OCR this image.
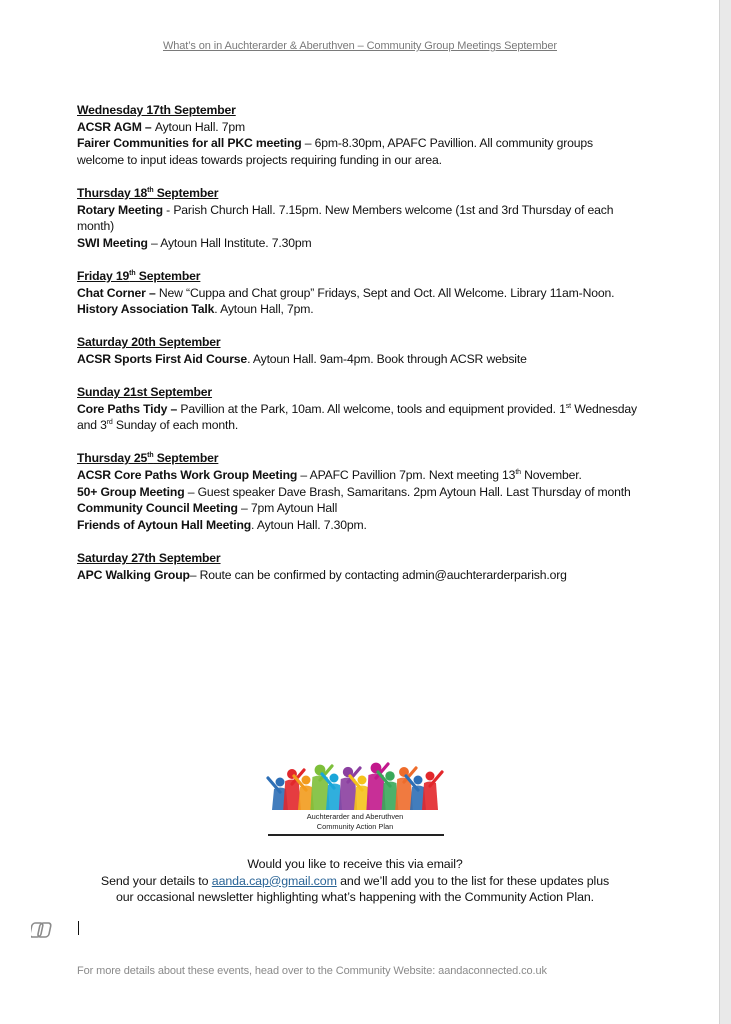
What’s on in Auchterarder & Aberuthven – Community Group Meetings September
Wednesday 17th September
ACSR AGM – Aytoun Hall. 7pm
Fairer Communities for all PKC meeting – 6pm-8.30pm, APAFC Pavillion. All community groups welcome to input ideas towards projects requiring funding in our area.
Thursday 18th September
Rotary Meeting - Parish Church Hall. 7.15pm. New Members welcome (1st and 3rd Thursday of each month)
SWI Meeting – Aytoun Hall Institute. 7.30pm
Friday 19th September
Chat Corner – New “Cuppa and Chat group” Fridays, Sept and Oct. All Welcome. Library 11am-Noon.
History Association Talk. Aytoun Hall, 7pm.
Saturday 20th September
ACSR Sports First Aid Course. Aytoun Hall. 9am-4pm. Book through ACSR website
Sunday 21st September
Core Paths Tidy – Pavillion at the Park, 10am. All welcome, tools and equipment provided. 1st Wednesday and 3rd Sunday of each month.
Thursday 25th September
ACSR Core Paths Work Group Meeting – APAFC Pavillion 7pm. Next meeting 13th November.
50+ Group Meeting – Guest speaker Dave Brash, Samaritans. 2pm Aytoun Hall. Last Thursday of month
Community Council Meeting – 7pm Aytoun Hall
Friends of Aytoun Hall Meeting. Aytoun Hall. 7.30pm.
Saturday 27th September
APC Walking Group– Route can be confirmed by contacting admin@auchterarderparish.org
Auchterarder and Aberuthven
Community Action Plan
Would you like to receive this via email?
Send your details to aanda.cap@gmail.com and we’ll add you to the list for these updates plus
our occasional newsletter highlighting what’s happening with the Community Action Plan.
For more details about these events, head over to the Community Website: aandaconnected.co.uk
